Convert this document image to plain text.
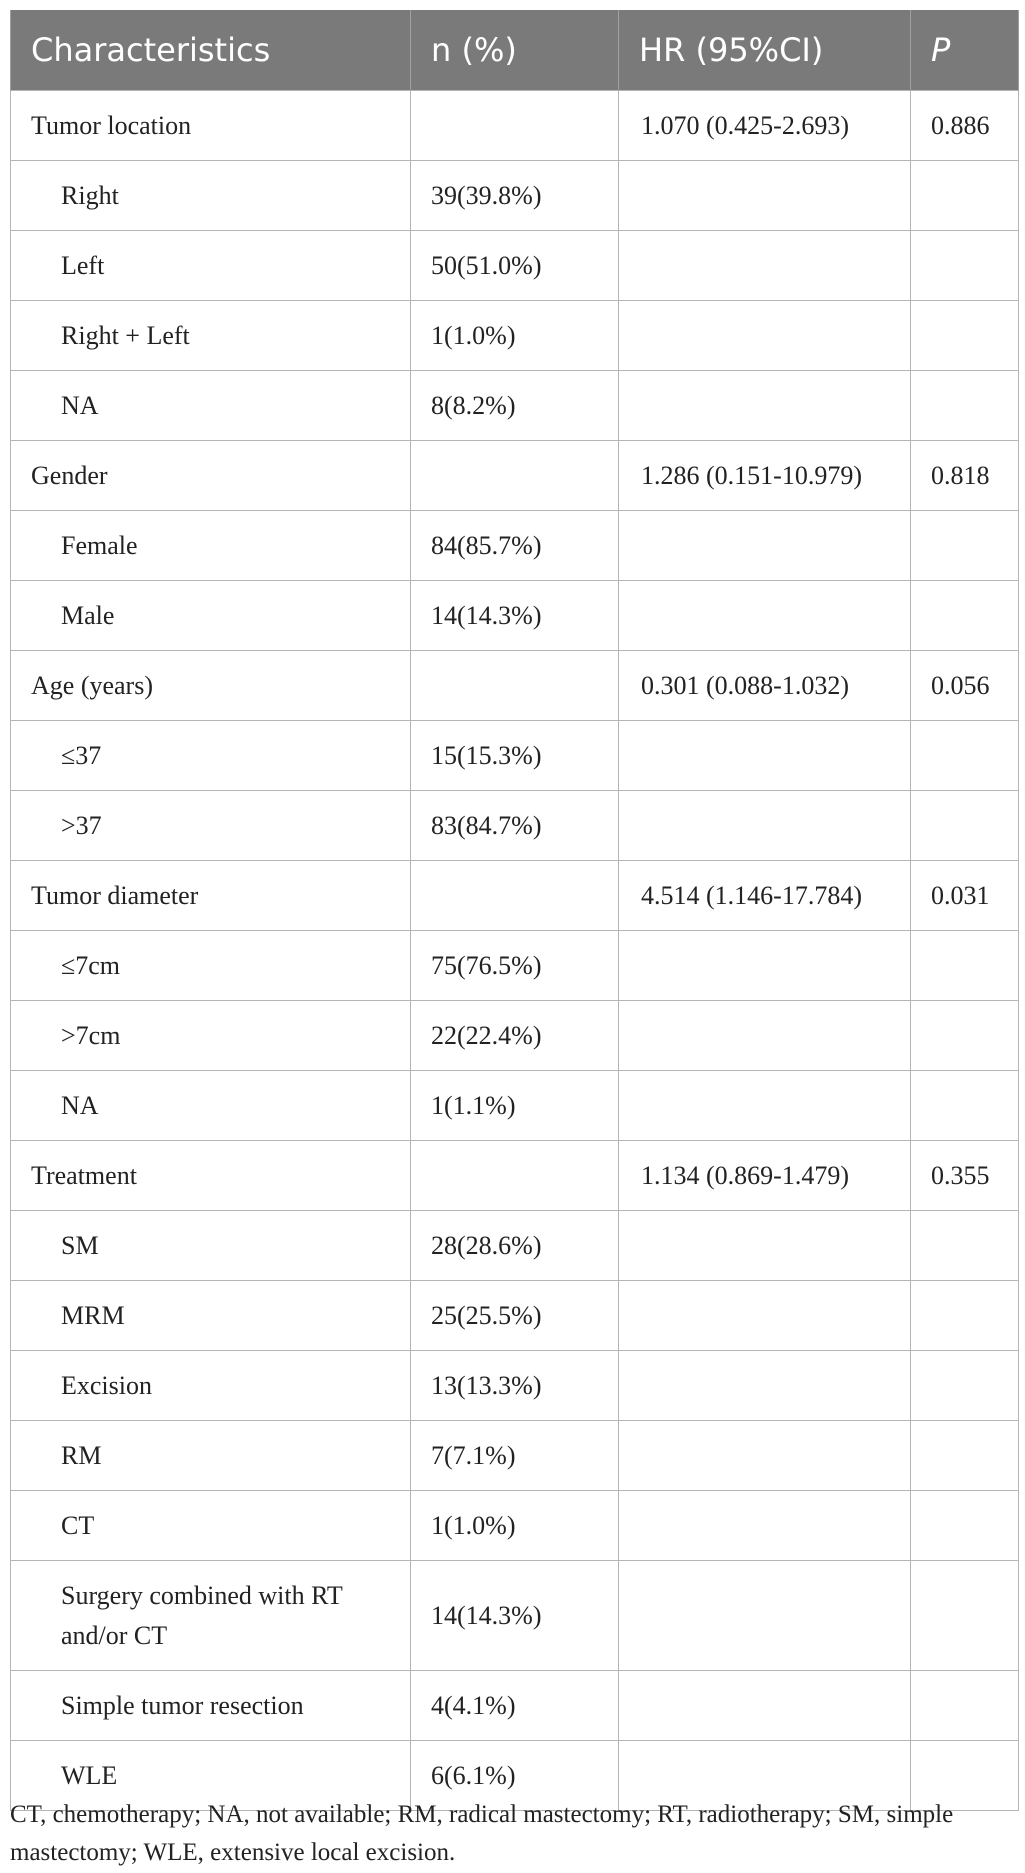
Characteristics	n (%)	HR (95%CI)	P
Tumor location		1.070 (0.425-2.693)	0.886
Right	39(39.8%)		
Left	50(51.0%)		
Right + Left	1(1.0%)		
NA	8(8.2%)		
Gender		1.286 (0.151-10.979)	0.818
Female	84(85.7%)		
Male	14(14.3%)		
Age (years)		0.301 (0.088-1.032)	0.056
≤37	15(15.3%)		
>37	83(84.7%)		
Tumor diameter		4.514 (1.146-17.784)	0.031
≤7cm	75(76.5%)		
>7cm	22(22.4%)		
NA	1(1.1%)		
Treatment		1.134 (0.869-1.479)	0.355
SM	28(28.6%)		
MRM	25(25.5%)		
Excision	13(13.3%)		
RM	7(7.1%)		
CT	1(1.0%)		
Surgery combined with RT and/or CT	14(14.3%)		
Simple tumor resection	4(4.1%)		
WLE	6(6.1%)		
CT, chemotherapy; NA, not available; RM, radical mastectomy; RT, radiotherapy; SM, simple mastectomy; WLE, extensive local excision.
